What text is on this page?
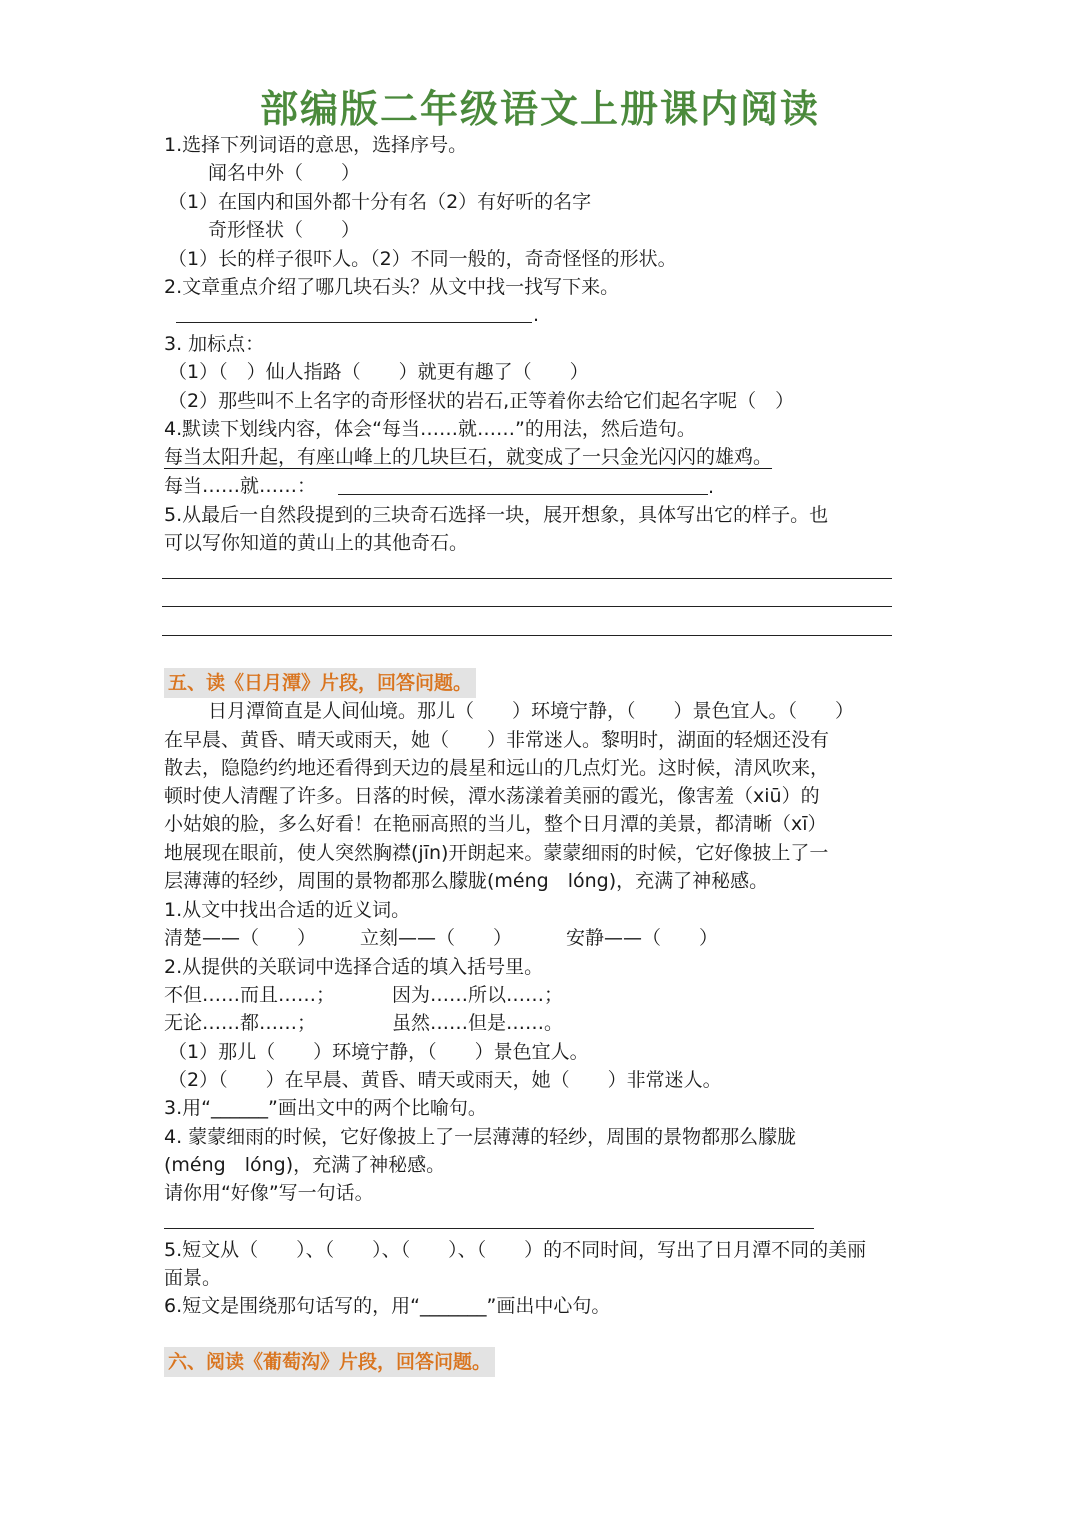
部编版二年级语文上册课内阅读
1.选择下列词语的意思，选择序号。
闻名中外（　　）
（1）在国内和国外都十分有名（2）有好听的名字
奇形怪状（　　）
（1）长的样子很吓人。（2）不同一般的，奇奇怪怪的形状。
2.文章重点介绍了哪几块石头？从文中找一找写下来。
.
3. 加标点：
（1）（　）仙人指路（　　）就更有趣了（　　）
（2）那些叫不上名字的奇形怪状的岩石,正等着你去给它们起名字呢（　）
4.默读下划线内容，体会“每当……就……”的用法，然后造句。
每当太阳升起，有座山峰上的几块巨石，就变成了一只金光闪闪的雄鸡。
每当……就……：	.
5.从最后一自然段提到的三块奇石选择一块，展开想象，具体写出它的样子。也
可以写你知道的黄山上的其他奇石。
五、读《日月潭》片段，回答问题。
日月潭简直是人间仙境。那儿（　　）环境宁静，（　　）景色宜人。（　　）
在早晨、黄昏、晴天或雨天，她（　　）非常迷人。黎明时，湖面的轻烟还没有
散去，隐隐约约地还看得到天边的晨星和远山的几点灯光。这时候，清风吹来，
顿时使人清醒了许多。日落的时候，潭水荡漾着美丽的霞光，像害羞（xiū）的
小姑娘的脸，多么好看！在艳丽高照的当儿，整个日月潭的美景，都清晰（xī）
地展现在眼前，使人突然胸襟(jīn)开朗起来。蒙蒙细雨的时候，它好像披上了一
层薄薄的轻纱，周围的景物都那么朦胧(méng　lóng)，充满了神秘感。
1.从文中找出合适的近义词。
清楚——（　　） 立刻——（　　）	安静——（　　）
2.从提供的关联词中选择合适的填入括号里。
不但……而且……；	因为……所以……；
无论……都……；	虽然……但是……。
（1）那儿（　　）环境宁静，（　　）景色宜人。
（2）（　　）在早晨、黄昏、晴天或雨天，她（　　）非常迷人。
3.用“______”画出文中的两个比喻句。
4. 蒙蒙细雨的时候，它好像披上了一层薄薄的轻纱，周围的景物都那么朦胧
(méng　lóng)，充满了神秘感。
请你用“好像”写一句话。
5.短文从（　　）、（　　）、（　　）、（　　）的不同时间，写出了日月潭不同的美丽
面景。
6.短文是围绕那句话写的，用“_______”画出中心句。
六、阅读《葡萄沟》片段，回答问题。
